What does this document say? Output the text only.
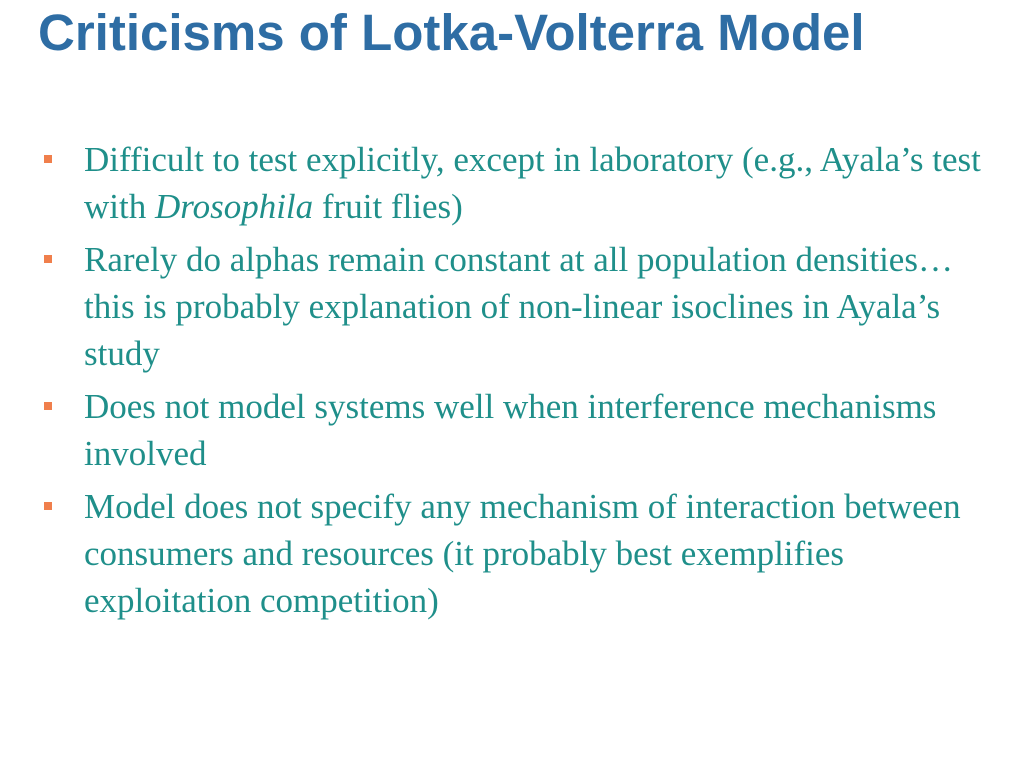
Criticisms of Lotka-Volterra Model
Difficult to test explicitly, except in laboratory (e.g., Ayala’s test with Drosophila fruit flies)
Rarely do alphas remain constant at all population densities…this is probably explanation of non-linear isoclines in Ayala’s study
Does not model systems well when interference mechanisms involved
Model does not specify any mechanism of interaction between consumers and resources (it probably best exemplifies exploitation competition)
